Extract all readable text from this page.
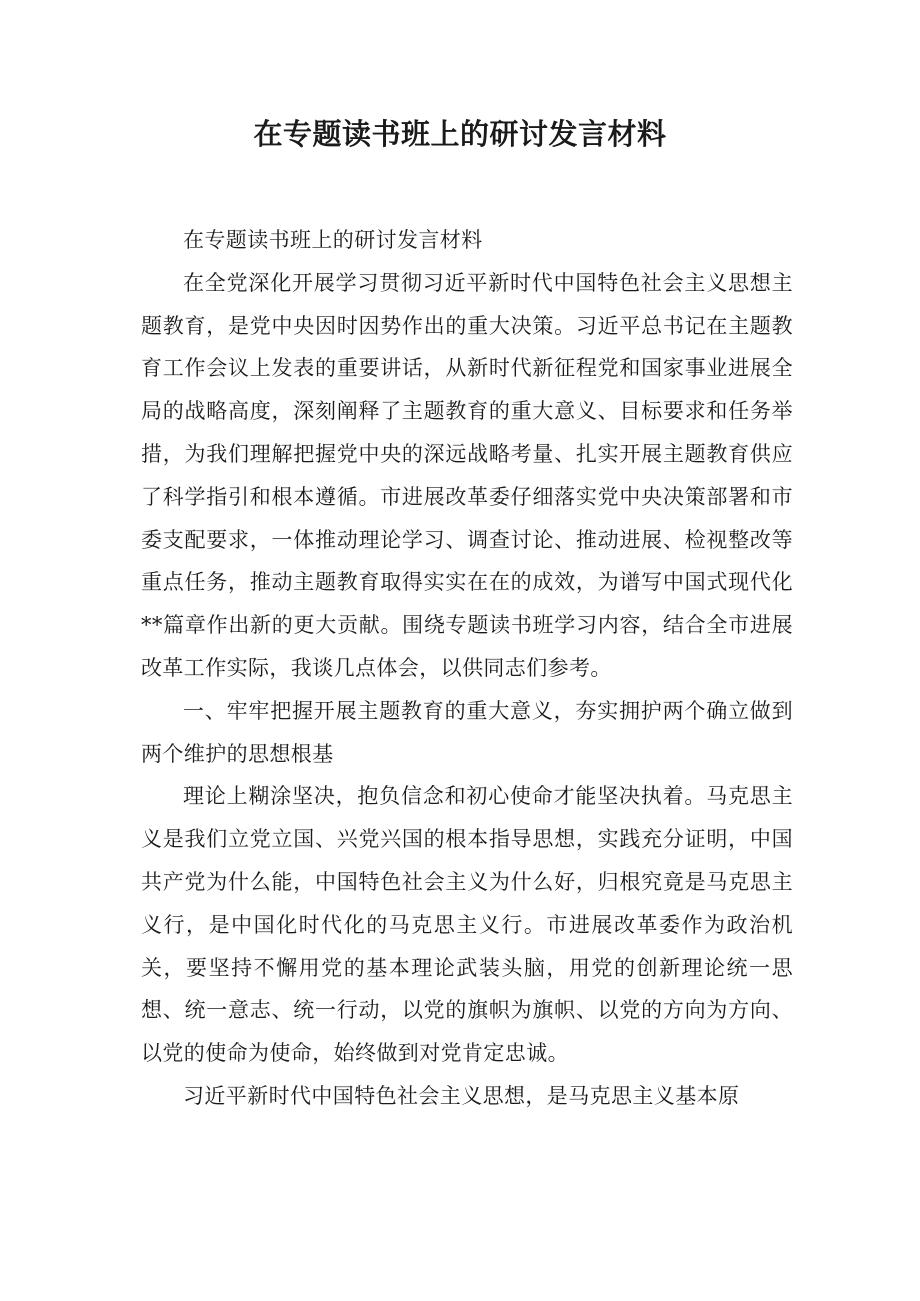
在专题读书班上的研讨发言材料

在专题读书班上的研讨发言材料

在全党深化开展学习贯彻习近平新时代中国特色社会主义思想主题教育，是党中央因时因势作出的重大决策。习近平总书记在主题教育工作会议上发表的重要讲话，从新时代新征程党和国家事业进展全局的战略高度，深刻阐释了主题教育的重大意义、目标要求和任务举措，为我们理解把握党中央的深远战略考量、扎实开展主题教育供应了科学指引和根本遵循。市进展改革委仔细落实党中央决策部署和市委支配要求，一体推动理论学习、调查讨论、推动进展、检视整改等重点任务，推动主题教育取得实实在在的成效，为谱写中国式现代化**篇章作出新的更大贡献。围绕专题读书班学习内容，结合全市进展改革工作实际，我谈几点体会，以供同志们参考。

一、牢牢把握开展主题教育的重大意义，夯实拥护两个确立做到两个维护的思想根基

理论上糊涂坚决，抱负信念和初心使命才能坚决执着。马克思主义是我们立党立国、兴党兴国的根本指导思想，实践充分证明，中国共产党为什么能，中国特色社会主义为什么好，归根究竟是马克思主义行，是中国化时代化的马克思主义行。市进展改革委作为政治机关，要坚持不懈用党的基本理论武装头脑，用党的创新理论统一思想、统一意志、统一行动，以党的旗帜为旗帜、以党的方向为方向、以党的使命为使命，始终做到对党肯定忠诚。

习近平新时代中国特色社会主义思想，是马克思主义基本原
